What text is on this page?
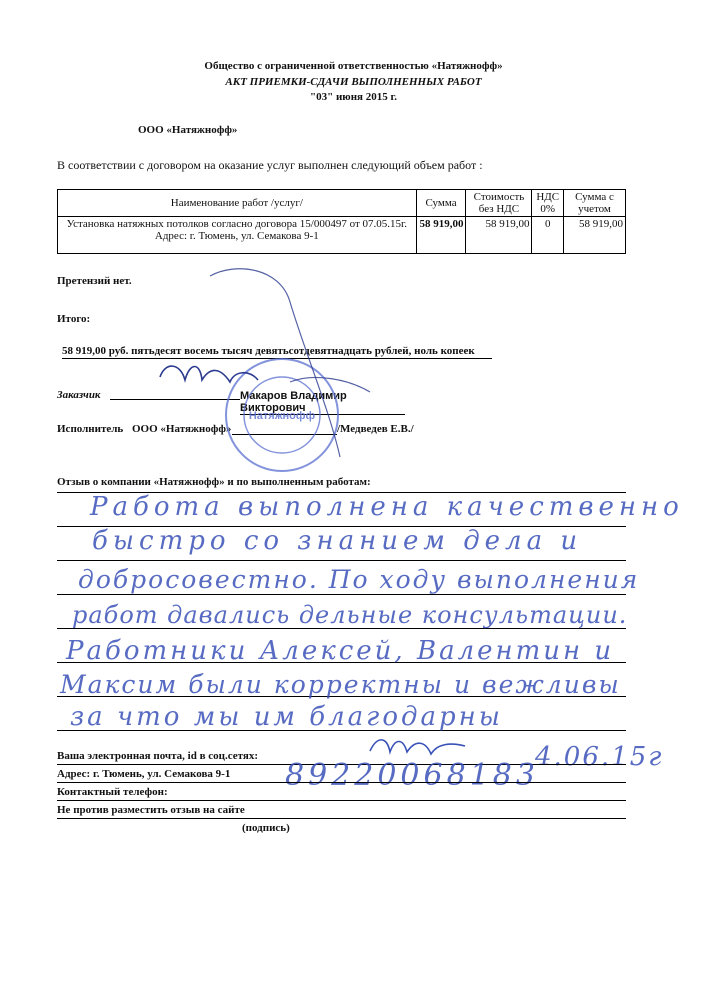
Общество с ограниченной ответственностью «Натяжнофф»
АКТ ПРИЕМКИ-СДАЧИ ВЫПОЛНЕННЫХ РАБОТ
"03" июня 2015 г.
ООО «Натяжнофф»
В соответствии с договором на оказание услуг выполнен следующий объем работ :
Наименование работ /услуг/	Сумма	Стоимость без НДС	НДС 0%	Сумма с учетом

Установка натяжных потолков согласно договора 15/000497 от 07.05.15г.
Адрес: г. Тюмень, ул. Семакова 9-1	58 919,00	58 919,00	0	58 919,00
Претензий нет.
Итого:
58 919,00 руб. пятьдесят восемь тысяч девятьсотдевятнадцать рублей, ноль копеек
Заказчик	Макаров Владимир Викторович
Исполнитель ООО «Натяжнофф»	/Медведев Е.В./
Натяжнофф
Отзыв о компании «Натяжнофф» и по выполненным работам:
Работа выполнена качественно
быстро со знанием дела и
добросовестно. По ходу выполнения
работ давались дельные консультации.
Работники Алексей, Валентин и
Максим были корректны и вежливы
за что мы им благодарны
4.06.15г
Ваша электронная почта, id в соц.сетях:
Адрес: г. Тюмень, ул. Семакова 9-1 89220068183
Контактный телефон:
Не против разместить отзыв на сайте
(подпись)
